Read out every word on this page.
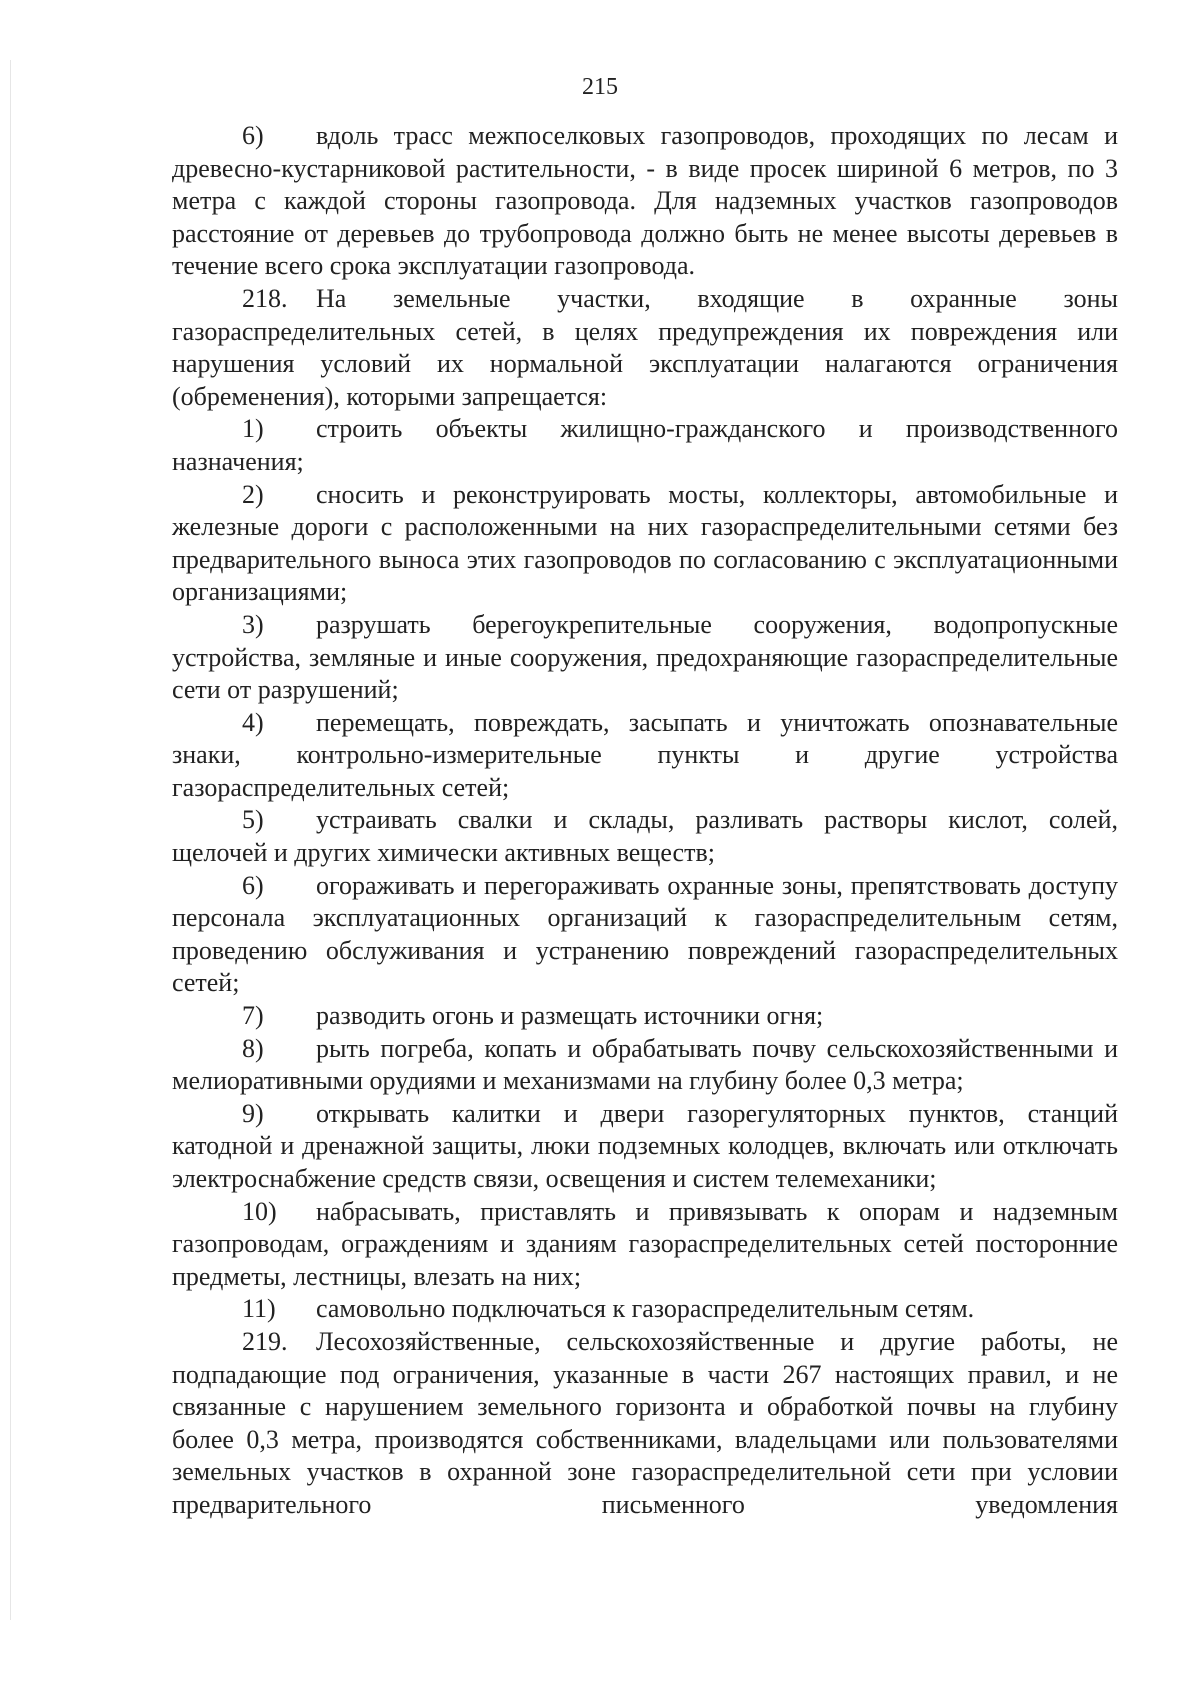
215

6) вдоль трасс межпоселковых газопроводов, проходящих по лесам и древесно-кустарниковой растительности, - в виде просек шириной 6 метров, по 3 метра с каждой стороны газопровода. Для надземных участков газопроводов расстояние от деревьев до трубопровода должно быть не менее высоты деревьев в течение всего срока эксплуатации газопровода.

218. На земельные участки, входящие в охранные зоны газораспределительных сетей, в целях предупреждения их повреждения или нарушения условий их нормальной эксплуатации налагаются ограничения (обременения), которыми запрещается:

1) строить объекты жилищно-гражданского и производственного назначения;

2) сносить и реконструировать мосты, коллекторы, автомобильные и железные дороги с расположенными на них газораспределительными сетями без предварительного выноса этих газопроводов по согласованию с эксплуатационными организациями;

3) разрушать берегоукрепительные сооружения, водопропускные устройства, земляные и иные сооружения, предохраняющие газораспределительные сети от разрушений;

4) перемещать, повреждать, засыпать и уничтожать опознавательные знаки, контрольно-измерительные пункты и другие устройства газораспределительных сетей;

5) устраивать свалки и склады, разливать растворы кислот, солей, щелочей и других химически активных веществ;

6) огораживать и перегораживать охранные зоны, препятствовать доступу персонала эксплуатационных организаций к газораспределительным сетям, проведению обслуживания и устранению повреждений газораспределительных сетей;

7) разводить огонь и размещать источники огня;

8) рыть погреба, копать и обрабатывать почву сельскохозяйственными и мелиоративными орудиями и механизмами на глубину более 0,3 метра;

9) открывать калитки и двери газорегуляторных пунктов, станций катодной и дренажной защиты, люки подземных колодцев, включать или отключать электроснабжение средств связи, освещения и систем телемеханики;

10) набрасывать, приставлять и привязывать к опорам и надземным газопроводам, ограждениям и зданиям газораспределительных сетей посторонние предметы, лестницы, влезать на них;

11) самовольно подключаться к газораспределительным сетям.

219. Лесохозяйственные, сельскохозяйственные и другие работы, не подпадающие под ограничения, указанные в части 267 настоящих правил, и не связанные с нарушением земельного горизонта и обработкой почвы на глубину более 0,3 метра, производятся собственниками, владельцами или пользователями земельных участков в охранной зоне газораспределительной сети при условии предварительного письменного уведомления
